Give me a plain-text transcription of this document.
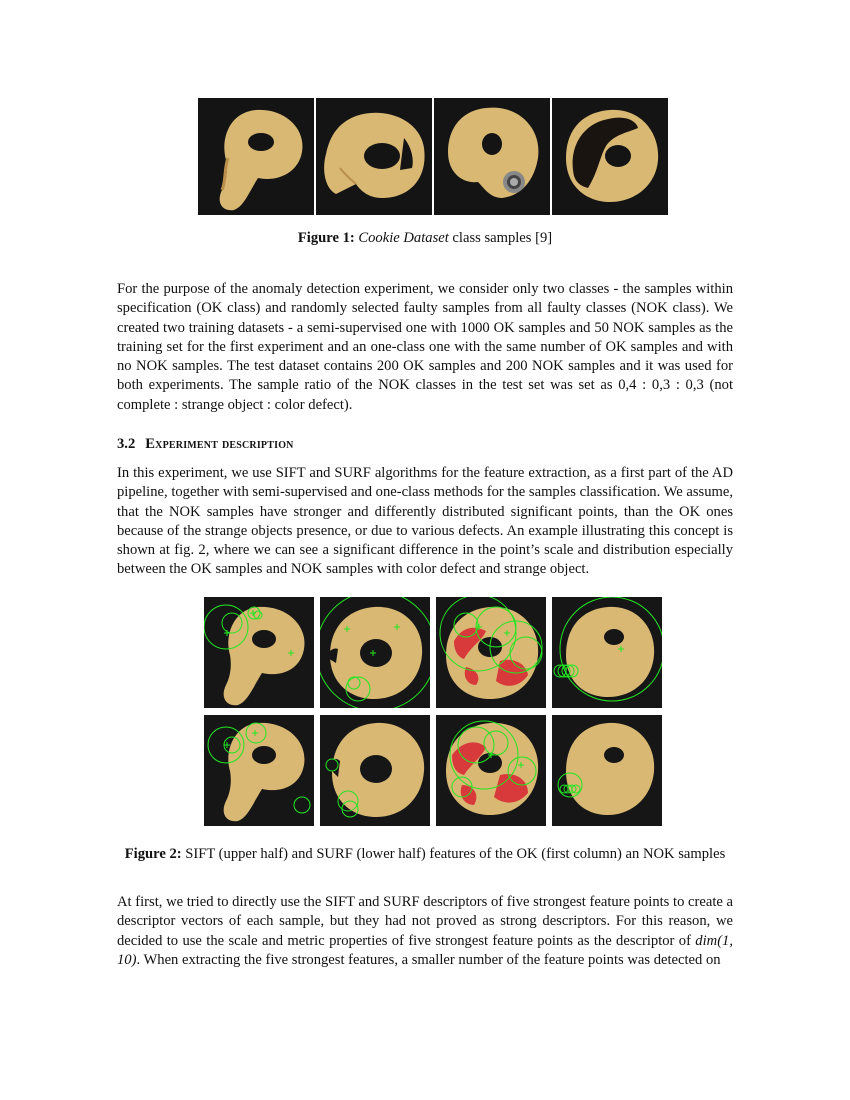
Figure 1: Cookie Dataset class samples [9]
For the purpose of the anomaly detection experiment, we consider only two classes - the samples within specification (OK class) and randomly selected faulty samples from all faulty classes (NOK class). We created two training datasets - a semi-supervised one with 1000 OK samples and 50 NOK samples as the training set for the first experiment and an one-class one with the same number of OK samples and with no NOK samples. The test dataset contains 200 OK samples and 200 NOK samples and it was used for both experiments. The sample ratio of the NOK classes in the test set was set as 0,4 : 0,3 : 0,3 (not complete : strange object : color defect).
3.2 Experiment description
In this experiment, we use SIFT and SURF algorithms for the feature extraction, as a first part of the AD pipeline, together with semi-supervised and one-class methods for the samples classification. We assume, that the NOK samples have stronger and differently distributed significant points, than the OK ones because of the strange objects presence, or due to various defects. An example illustrating this concept is shown at fig. 2, where we can see a significant difference in the point’s scale and distribution especially between the OK samples and NOK samples with color defect and strange object.
Figure 2: SIFT (upper half) and SURF (lower half) features of the OK (first column) an NOK samples
At first, we tried to directly use the SIFT and SURF descriptors of five strongest feature points to create a descriptor vectors of each sample, but they had not proved as strong descriptors. For this reason, we decided to use the scale and metric properties of five strongest feature points as the descriptor of dim(1, 10). When extracting the five strongest features, a smaller number of the feature points was detected on
